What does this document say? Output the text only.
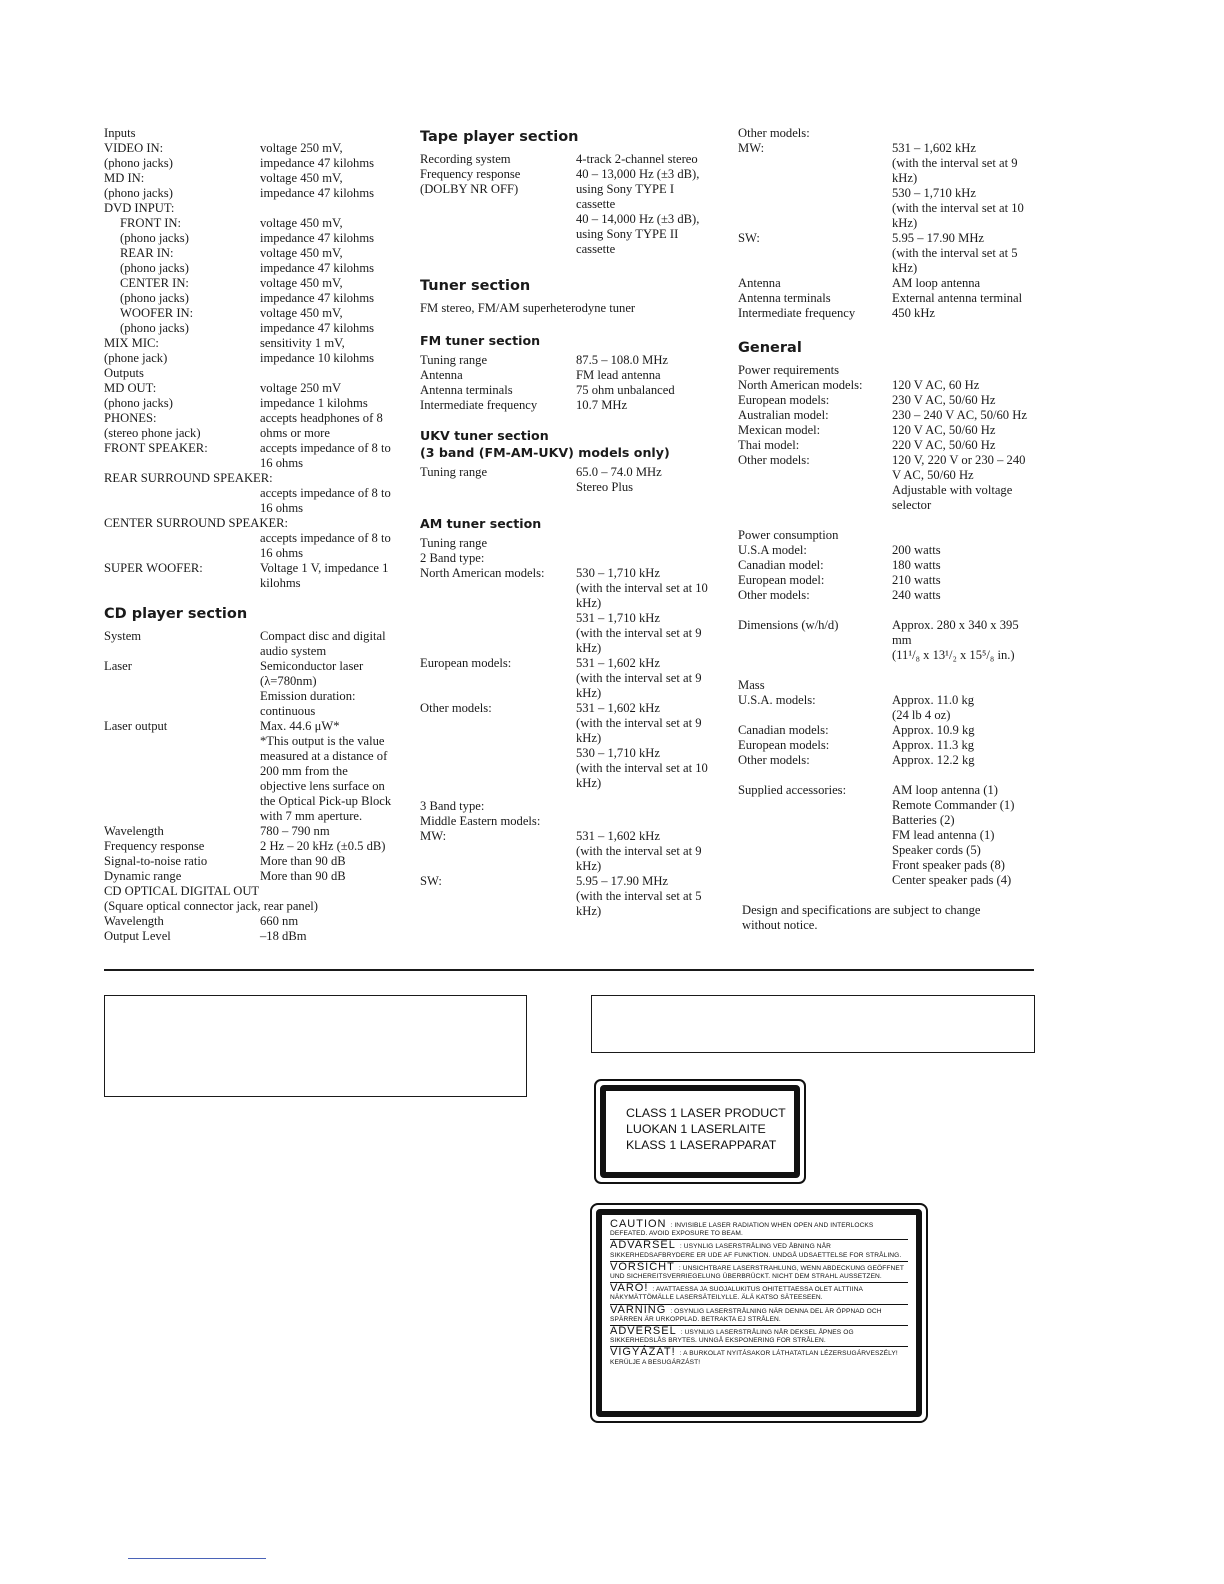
Inputs
VIDEO IN:	voltage 250 mV,
(phono jacks)	impedance 47 kilohms
MD IN:	voltage 450 mV,
(phono jacks)	impedance 47 kilohms
DVD INPUT:
FRONT IN:	voltage 450 mV,
(phono jacks)	impedance 47 kilohms
REAR IN:	voltage 450 mV,
(phono jacks)	impedance 47 kilohms
CENTER IN:	voltage 450 mV,
(phono jacks)	impedance 47 kilohms
WOOFER IN:	voltage 450 mV,
(phono jacks)	impedance 47 kilohms
MIX MIC:	sensitivity 1 mV,
(phone jack)	impedance 10 kilohms
Outputs
MD OUT:	voltage 250 mV
(phono jacks)	impedance 1 kilohms
PHONES:	accepts headphones of 8
(stereo phone jack)	ohms or more
FRONT SPEAKER:	accepts impedance of 8 to
16 ohms
REAR SURROUND SPEAKER:
accepts impedance of 8 to
16 ohms
CENTER SURROUND SPEAKER:
accepts impedance of 8 to
16 ohms
SUPER WOOFER:	Voltage 1 V, impedance 1
kilohms
CD player section
System	Compact disc and digital
audio system
Laser	Semiconductor laser
(λ=780nm)
Emission duration:
continuous
Laser output	Max. 44.6 μW*
*This output is the value
measured at a distance of
200 mm from the
objective lens surface on
the Optical Pick-up Block
with 7 mm aperture.
Wavelength	780 – 790 nm
Frequency response	2 Hz – 20 kHz (±0.5 dB)
Signal-to-noise ratio	More than 90 dB
Dynamic range	More than 90 dB
CD OPTICAL DIGITAL OUT
(Square optical connector jack, rear panel)
Wavelength	660 nm
Output Level	–18 dBm
Tape player section
Recording system	4-track 2-channel stereo
Frequency response	40 – 13,000 Hz (±3 dB),
(DOLBY NR OFF)	using Sony TYPE I
cassette
40 – 14,000 Hz (±3 dB),
using Sony TYPE II
cassette
Tuner section
FM stereo, FM/AM superheterodyne tuner
FM tuner section
Tuning range	87.5 – 108.0 MHz
Antenna	FM lead antenna
Antenna terminals	75 ohm unbalanced
Intermediate frequency	10.7 MHz
UKV tuner section
(3 band (FM-AM-UKV) models only)
Tuning range	65.0 – 74.0 MHz
Stereo Plus
AM tuner section
Tuning range
2 Band type:
North American models:	530 – 1,710 kHz
(with the interval set at 10
kHz)
531 – 1,710 kHz
(with the interval set at 9
kHz)
European models:	531 – 1,602 kHz
(with the interval set at 9
kHz)
Other models:	531 – 1,602 kHz
(with the interval set at 9
kHz)
530 – 1,710 kHz
(with the interval set at 10
kHz)
3 Band type:
Middle Eastern models:
MW:	531 – 1,602 kHz
(with the interval set at 9
kHz)
SW:	5.95 – 17.90 MHz
(with the interval set at 5
kHz)
Other models:
MW:	531 – 1,602 kHz
(with the interval set at 9
kHz)
530 – 1,710 kHz
(with the interval set at 10
kHz)
SW:	5.95 – 17.90 MHz
(with the interval set at 5
kHz)
Antenna	AM loop antenna
Antenna terminals	External antenna terminal
Intermediate frequency	450 kHz
General
Power requirements
North American models:	120 V AC, 60 Hz
European models:	230 V AC, 50/60 Hz
Australian model:	230 – 240 V AC, 50/60 Hz
Mexican model:	120 V AC, 50/60 Hz
Thai model:	220 V AC, 50/60 Hz
Other models:	120 V, 220 V or 230 – 240
V AC, 50/60 Hz
Adjustable with voltage
selector
Power consumption
U.S.A model:	200 watts
Canadian model:	180 watts
European model:	210 watts
Other models:	240 watts
Dimensions (w/h/d)	Approx. 280 x 340 x 395
mm
(11¹/₈ x 13¹/₂ x 15⁵/₈ in.)
Mass
U.S.A. models:	Approx. 11.0 kg
(24 lb 4 oz)
Canadian models:	Approx. 10.9 kg
European models:	Approx. 11.3 kg
Other models:	Approx. 12.2 kg
Supplied accessories:	AM loop antenna (1)
Remote Commander (1)
Batteries (2)
FM lead antenna (1)
Speaker cords (5)
Front speaker pads (8)
Center speaker pads (4)
Design and specifications are subject to change
without notice.
CLASS 1 LASER PRODUCT
LUOKAN 1 LASERLAITE
KLASS 1 LASERAPPARAT
CAUTION : INVISIBLE LASER RADIATION WHEN OPEN AND INTERLOCKS DEFEATED. AVOID EXPOSURE TO BEAM.
ADVARSEL : USYNLIG LASERSTRÅLING VED ÅBNING NÅR SIKKERHEDSAFBRYDERE ER UDE AF FUNKTION. UNDGÅ UDSAETTELSE FOR STRÅLING.
VORSICHT : UNSICHTBARE LASERSTRAHLUNG, WENN ABDECKUNG GEÖFFNET UND SICHEREITSVERRIEGELUNG ÜBERBRÜCKT. NICHT DEM STRAHL AUSSETZEN.
VARO! : AVATTAESSA JA SUOJALUKITUS OHITETTAESSA OLET ALTTIINA NÄKYMÄTTÖMÄLLE LASERSÄTEILYLLE. ÄLÄ KATSO SÄTEESEEN.
VARNING : OSYNLIG LASERSTRÅLNING NÄR DENNA DEL ÄR ÖPPNAD OCH SPÄRREN ÄR URKOPPLAD. BETRAKTA EJ STRÅLEN.
ADVERSEL : USYNLIG LASERSTRÅLING NÅR DEKSEL ÅPNES OG SIKKERHEDSLÅS BRYTES. UNNGÅ EKSPONERING FOR STRÅLEN.
VIGYÁZAT! : A BURKOLAT NYITÁSAKOR LÁTHATATLAN LÉZERSUGÁRVESZÉLY! KERÜLJE A BESUGÁRZÁST!
